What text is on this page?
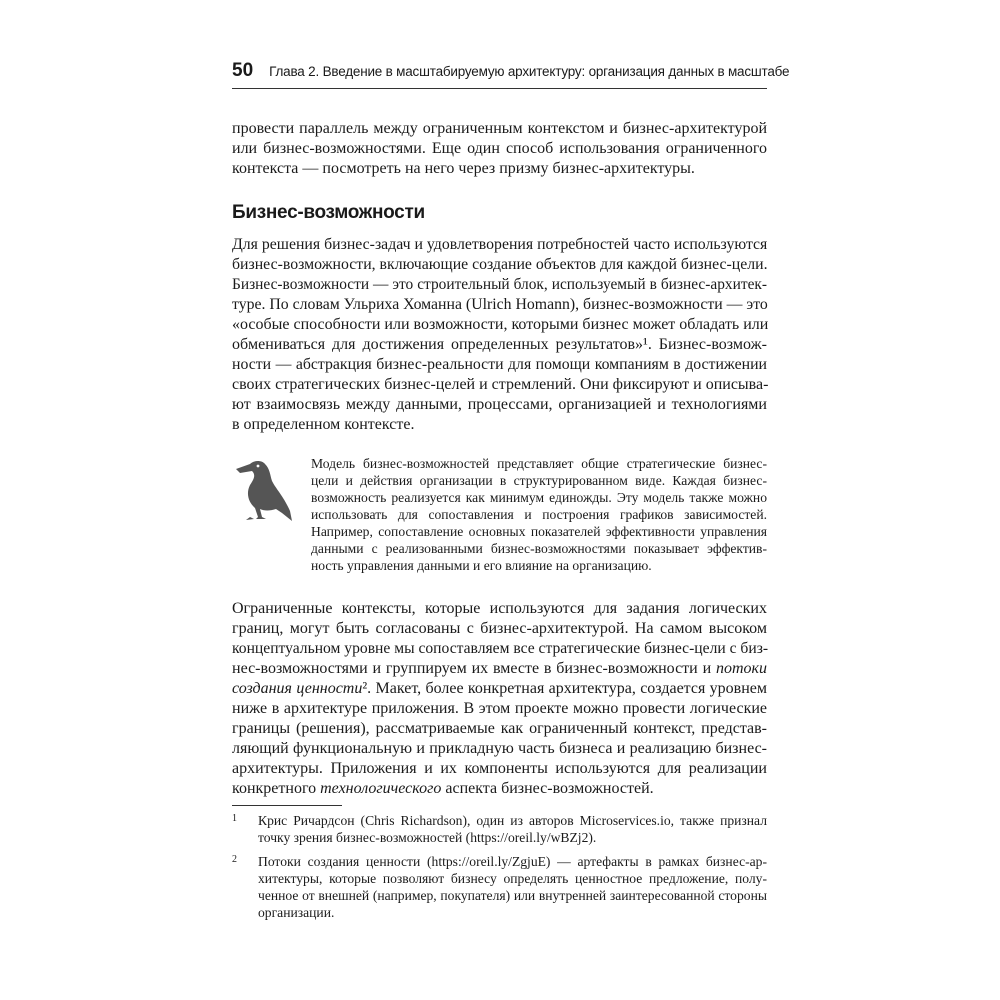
50 Глава 2. Введение в масштабируемую архитектуру: организация данных в масштабе
провести параллель между ограниченным контекстом и бизнес-архитектурой
или бизнес-возможностями. Еще один способ использования ограниченного
контекста — посмотреть на него через призму бизнес-архитектуры.
Бизнес-возможности
Для решения бизнес-задач и удовлетворения потребностей часто используются
бизнес-возможности, включающие создание объектов для каждой бизнес-цели.
Бизнес-возможности — это строительный блок, используемый в бизнес-архитек-
туре. По словам Ульриха Хоманна (Ulrich Homann), бизнес-возможности — это
«особые способности или возможности, которыми бизнес может обладать или
обмениваться для достижения определенных результатов»¹. Бизнес-возмож-
ности — абстракция бизнес-реальности для помощи компаниям в достижении
своих стратегических бизнес-целей и стремлений. Они фиксируют и описыва-
ют взаимосвязь между данными, процессами, организацией и технологиями
в определенном контексте.
Модель бизнес-возможностей представляет общие стратегические бизнес-
цели и действия организации в структурированном виде. Каждая бизнес-
возможность реализуется как минимум единожды. Эту модель также можно
использовать для сопоставления и построения графиков зависимостей.
Например, сопоставление основных показателей эффективности управления
данными с реализованными бизнес-возможностями показывает эффектив-
ность управления данными и его влияние на организацию.
Ограниченные контексты, которые используются для задания логических
границ, могут быть согласованы с бизнес-архитектурой. На самом высоком
концептуальном уровне мы сопоставляем все стратегические бизнес-цели с биз-
нес-возможностями и группируем их вместе в бизнес-возможности и потоки
создания ценности². Макет, более конкретная архитектура, создается уровнем
ниже в архитектуре приложения. В этом проекте можно провести логические
границы (решения), рассматриваемые как ограниченный контекст, представ-
ляющий функциональную и прикладную часть бизнеса и реализацию бизнес-
архитектуры. Приложения и их компоненты используются для реализации
конкретного технологического аспекта бизнес-возможностей.
1 Крис Ричардсон (Chris Richardson), один из авторов Microservices.io, также признал
точку зрения бизнес-возможностей (https://oreil.ly/wBZj2).
2 Потоки создания ценности (https://oreil.ly/ZgjuE) — артефакты в рамках бизнес-ар-
хитектуры, которые позволяют бизнесу определять ценностное предложение, полу-
ченное от внешней (например, покупателя) или внутренней заинтересованной стороны
организации.
